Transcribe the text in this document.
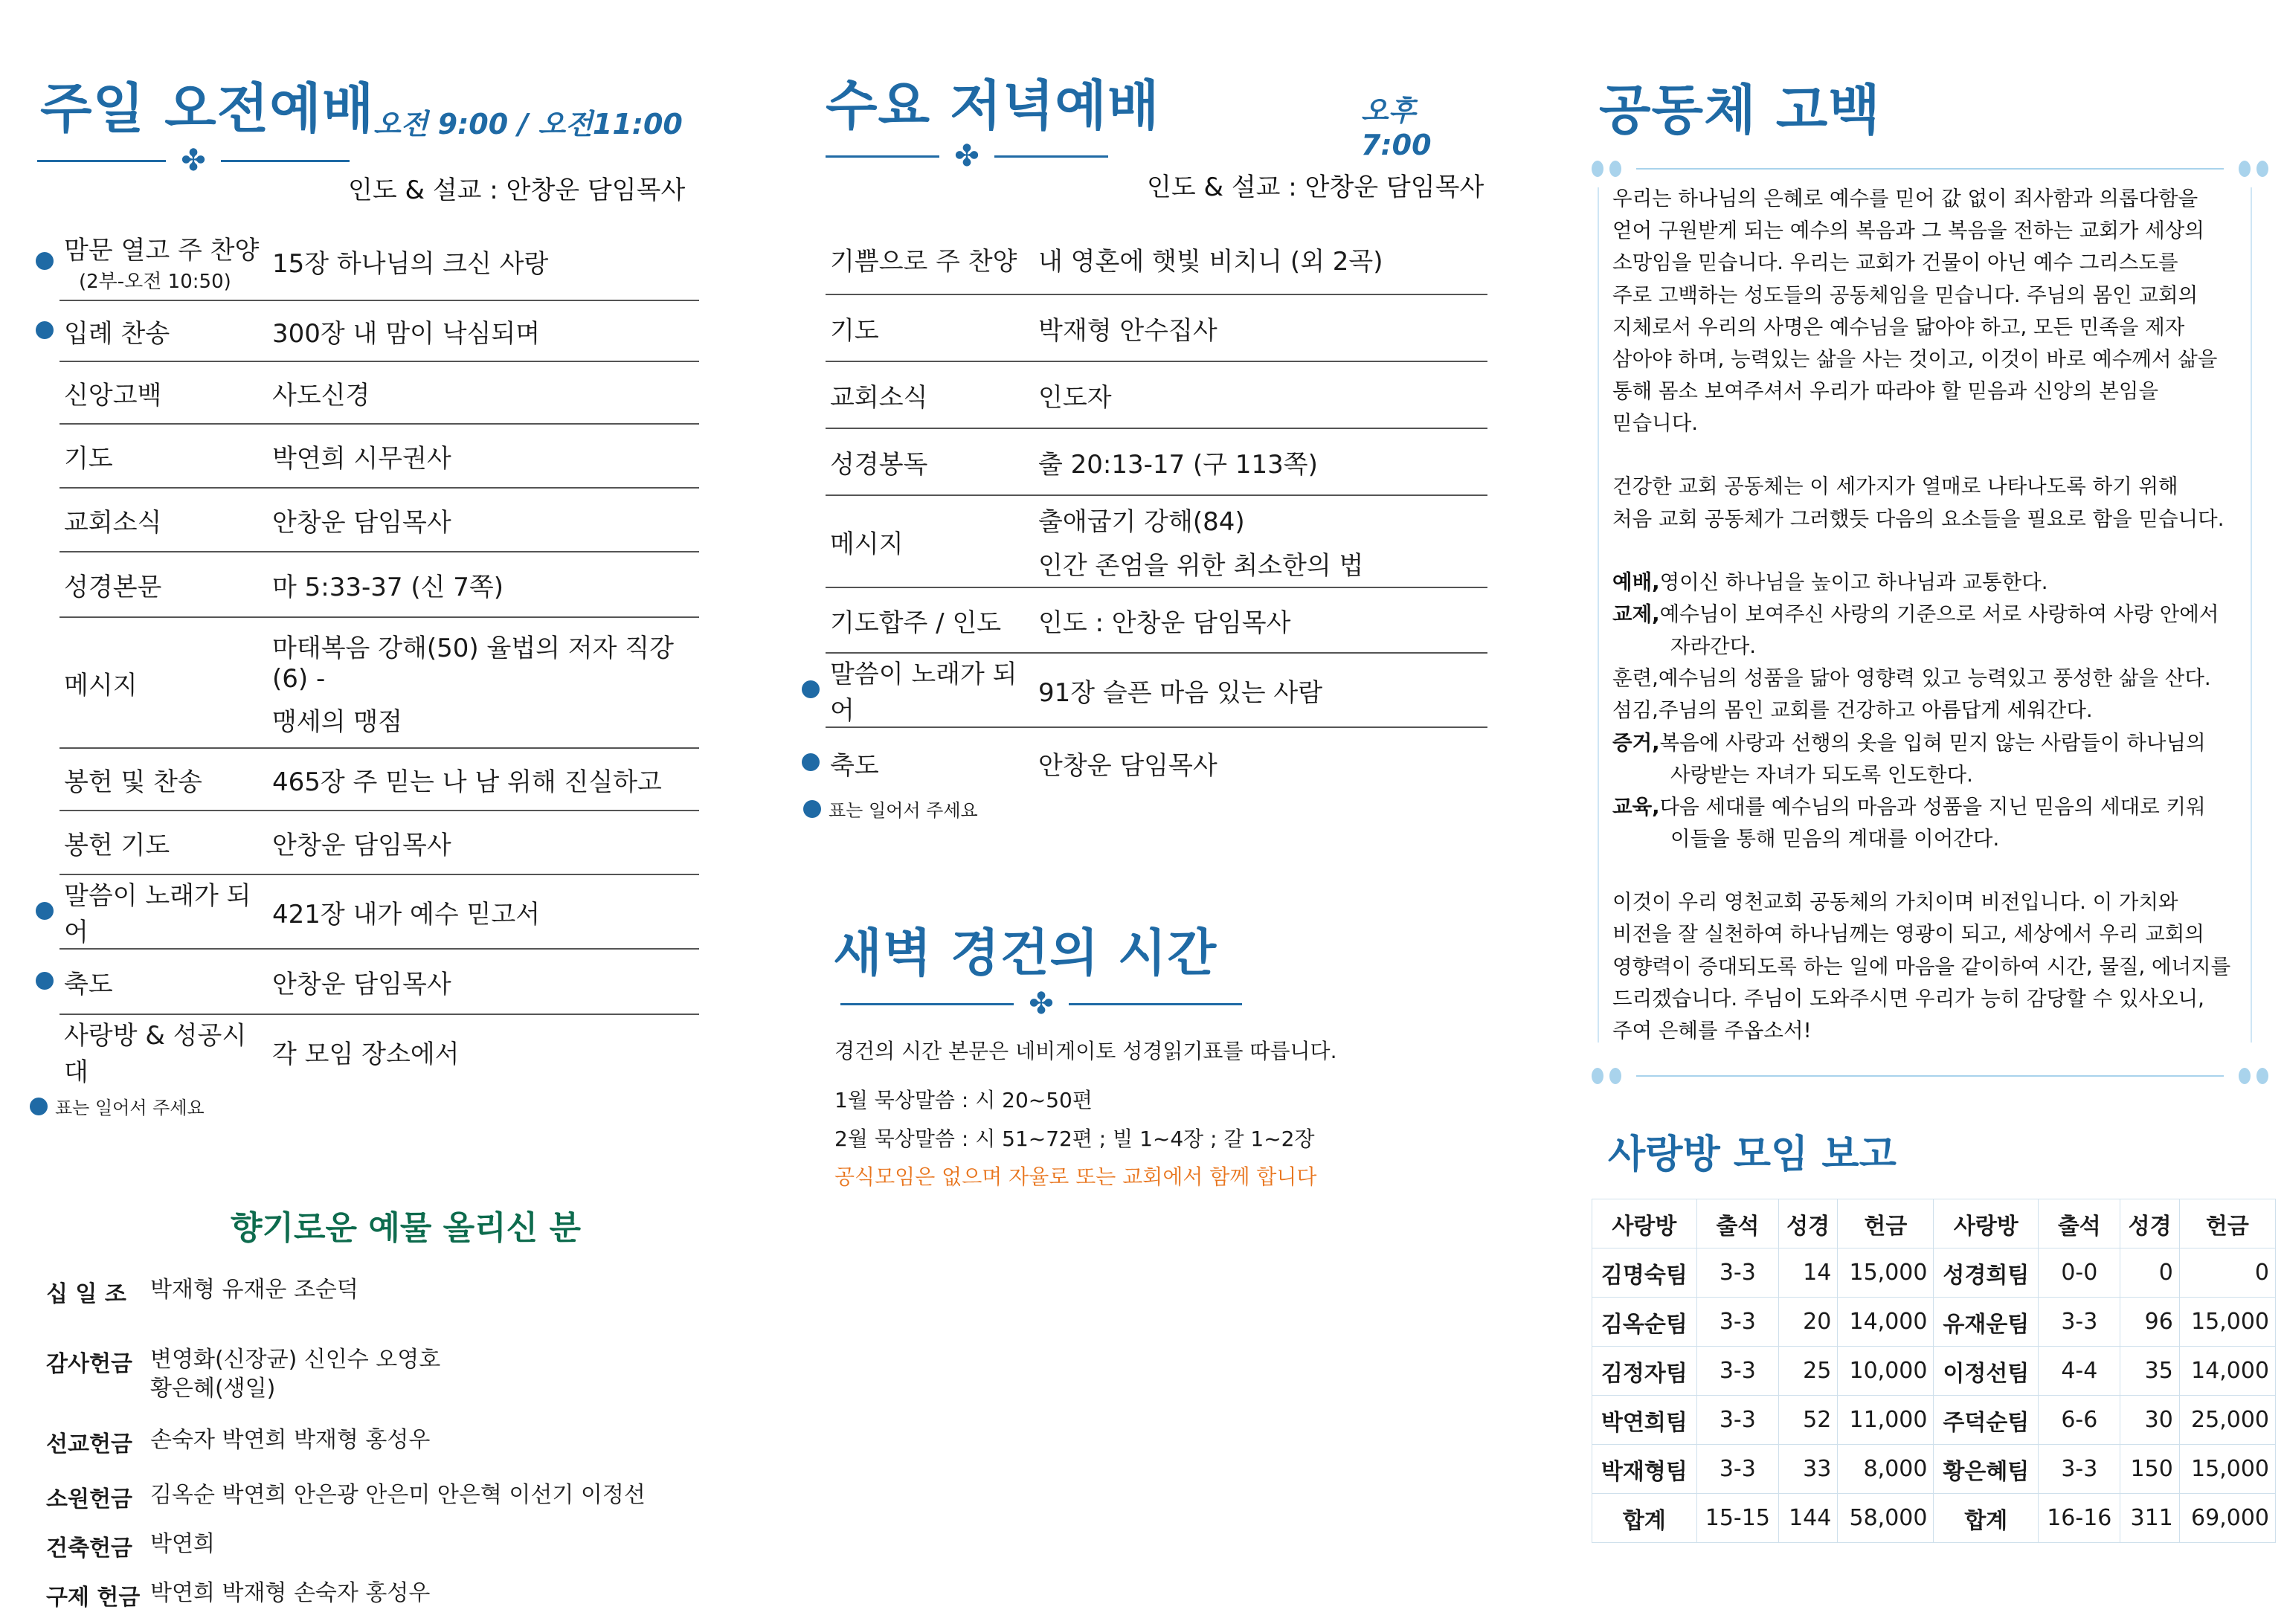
주일 오전예배
오전 9:00 / 오전11:00
✤
인도 & 설교 : 안창운 담임목사
	맘문 열고 주 찬양
(2부-오전 10:50)	15장 하나님의 크신 사랑

	입례 찬송	300장 내 맘이 낙심되며

	신앙고백	사도신경

	기도	박연희 시무권사

	교회소식	안창운 담임목사

	성경본문	마 5:33-37 (신 7쪽)

	메시지	마태복음 강해(50) 율법의 저자 직강(6) -
맹세의 맹점

	봉헌 및 찬송	465장 주 믿는 나 남 위해 진실하고

	봉헌 기도	안창운 담임목사

	말씀이 노래가 되어	421장 내가 예수 믿고서

	축도	안창운 담임목사

	사랑방 & 성공시대	각 모임 장소에서
표는 일어서 주세요
향기로운 예물 올리신 분
십 일 조	박재형 유재운 조순덕
감사헌금 변영화(신장균) 신인수 오영호
황은혜(생일)
선교헌금 손숙자 박연희 박재형 홍성우
소원헌금 김옥순 박연희 안은광 안은미 안은혁 이선기 이정선
건축헌금 박연희
구제 헌금 박연희 박재형 손숙자 홍성우
수요 저녁예배	오후 7:00
✤
인도 & 설교 : 안창운 담임목사
	기쁨으로 주 찬양	내 영혼에 햇빛 비치니 (외 2곡)

	기도	박재형 안수집사

	교회소식	인도자

	성경봉독	출 20:13-17 (구 113쪽)

	메시지	출애굽기 강해(84)
인간 존엄을 위한 최소한의 법

	기도합주 / 인도	인도 : 안창운 담임목사

	말씀이 노래가 되어	91장 슬픈 마음 있는 사람

	축도	안창운 담임목사
표는 일어서 주세요
새벽 경건의 시간
✤
경건의 시간 본문은 네비게이토 성경읽기표를 따릅니다.
1월 묵상말씀 : 시 20~50편
2월 묵상말씀 : 시 51~72편 ; 빌 1~4장 ; 갈 1~2장
공식모임은 없으며 자율로 또는 교회에서 함께 합니다
공동체 고백

우리는 하나님의 은혜로 예수를 믿어 값 없이 죄사함과 의롭다함을
얻어 구원받게 되는 예수의 복음과 그 복음을 전하는 교회가 세상의
소망임을 믿습니다. 우리는 교회가 건물이 아닌 예수 그리스도를
주로 고백하는 성도들의 공동체임을 믿습니다. 주님의 몸인 교회의
지체로서 우리의 사명은 예수님을 닮아야 하고, 모든 민족을 제자
삼아야 하며, 능력있는 삶을 사는 것이고, 이것이 바로 예수께서 삶을
통해 몸소 보여주셔서 우리가 따라야 할 믿음과 신앙의 본임을
믿습니다.

건강한 교회 공동체는 이 세가지가 열매로 나타나도록 하기 위해
처음 교회 공동체가 그러했듯 다음의 요소들을 필요로 함을 믿습니다.

예배, 영이신 하나님을 높이고 하나님과 교통한다.
교제, 예수님이 보여주신 사랑의 기준으로 서로 사랑하여 사랑 안에서
자라간다.
훈련, 예수님의 성품을 닮아 영향력 있고 능력있고 풍성한 삶을 산다.
섬김, 주님의 몸인 교회를 건강하고 아름답게 세워간다.
증거, 복음에 사랑과 선행의 옷을 입혀 믿지 않는 사람들이 하나님의
사랑받는 자녀가 되도록 인도한다.
교육, 다음 세대를 예수님의 마음과 성품을 지닌 믿음의 세대로 키워
이들을 통해 믿음의 계대를 이어간다.

이것이 우리 영천교회 공동체의 가치이며 비전입니다. 이 가치와
비전을 잘 실천하여 하나님께는 영광이 되고, 세상에서 우리 교회의
영향력이 증대되도록 하는 일에 마음을 같이하여 시간, 물질, 에너지를
드리겠습니다. 주님이 도와주시면 우리가 능히 감당할 수 있사오니,
주여 은혜를 주옵소서!

사랑방 모임 보고
사랑방	출석	성경	헌금	사랑방	출석	성경	헌금
김명숙팀	3-3	14	15,000	성경희팀	0-0	0	0
김옥순팀	3-3	20	14,000	유재운팀	3-3	96	15,000
김정자팀	3-3	25	10,000	이정선팀	4-4	35	14,000
박연희팀	3-3	52	11,000	주덕순팀	6-6	30	25,000
박재형팀	3-3	33	8,000	황은혜팀	3-3	150	15,000
합계	15-15	144	58,000	합계	16-16	311	69,000
